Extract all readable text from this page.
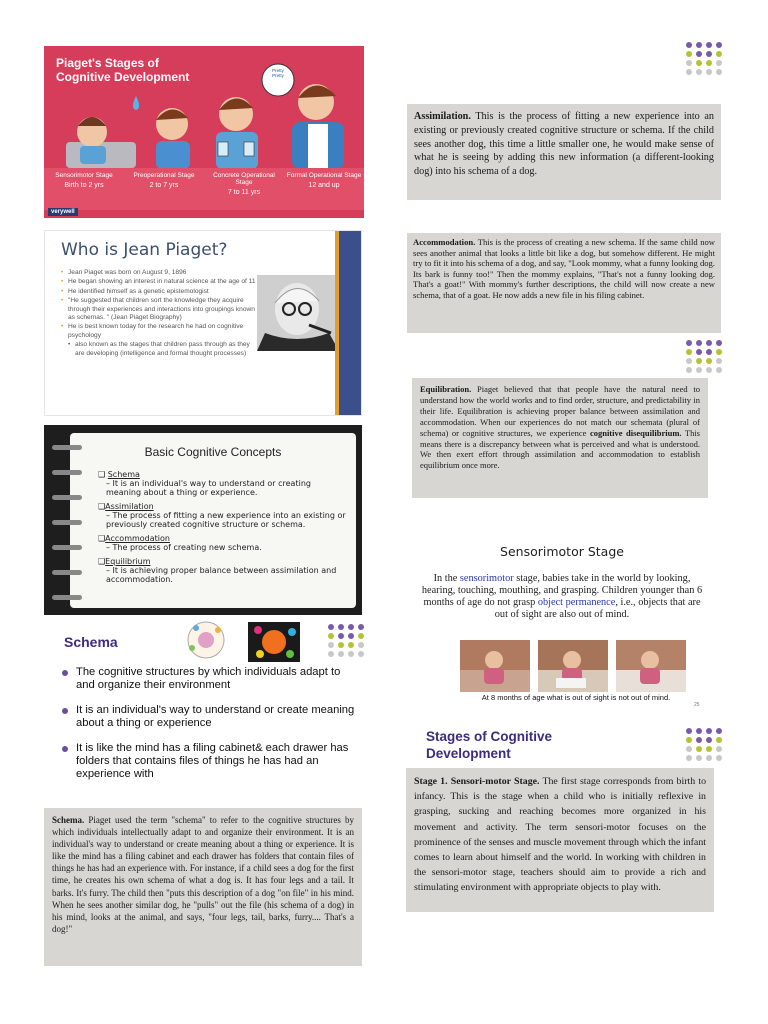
Piaget's Stages of Cognitive Development	Pretty Pretty
Sensorimotor Stage
Birth to 2 yrs
Preoperational Stage
2 to 7 yrs
Concrete Operational Stage
7 to 11 yrs
Formal Operational Stage
12 and up
verywell
Who is Jean Piaget?
• Jean Piaget was born on August 9, 1896
• He began showing an interest in natural science at the age of 11
• He identified himself as a genetic epistemologist
• "He suggested that children sort the knowledge they acquire through their experiences and interactions into groupings known as schemas. " (Jean Piaget Biography)
• He is best known today for the research he had on cognitive psychology
• also known as the stages that children pass through as they are developing (intelligence and formal thought processes)
Basic Cognitive Concepts
❑ Schema
– It is an individual's way to understand or creating meaning about a thing or experience.
❑Assimilation
– The process of fitting a new experience into an existing or previously created cognitive structure or schema.
❑Accommodation
– The process of creating new schema.
❑Equilibrium
– It is achieving proper balance between assimilation and accommodation.
Schema
The cognitive structures by which individuals adapt to and organize their environment
It is an individual's way to understand or create meaning about a thing or experience
It is like the mind has a filing cabinet& each drawer has folders that contains files of things he has had an experience with

Schema. Piaget used the term "schema" to refer to the cognitive structures by which individuals intellectually adapt to and organize their environment. It is an individual's way to understand or create meaning about a thing or experience. It is like the mind has a filing cabinet and each drawer has folders that contain files of things he has had an experience with. For instance, if a child sees a dog for the first time, he creates his own schema of what a dog is. It has four legs and a tail. It barks. It's furry. The child then "puts this description of a dog "on file" in his mind. When he sees another similar dog, he "pulls" out the file (his schema of a dog) in his mind, looks at the animal, and says, "four legs, tail, barks, furry.... That's a dog!"

Assimilation. This is the process of fitting a new experience into an existing or previously created cognitive structure or schema. If the child sees another dog, this time a little smaller one, he would make sense of what he is seeing by adding this new information (a different-looking dog) into his schema of a dog.

Accommodation. This is the process of creating a new schema. If the same child now sees another animal that looks a little bit like a dog, but somehow different. He might try to fit it into his schema of a dog, and say, "Look mommy, what a funny looking dog. Its bark is funny too!" Then the mommy explains, "That's not a funny looking dog. That's a goat!" With mommy's further descriptions, the child will now create a new schema, that of a goat. He now adds a new file in his filing cabinet.

Equilibration. Piaget believed that that people have the natural need to understand how the world works and to find order, structure, and predictability in their life. Equilibration is achieving proper balance between assimilation and accommodation. When our experiences do not match our schemata (plural of schema) or cognitive structures, we experience cognitive disequilibrium. This means there is a discrepancy between what is perceived and what is understood. We then exert effort through assimilation and accommodation to establish equilibrium once more.

Sensorimotor Stage

In the sensorimotor stage, babies take in the world by looking, hearing, touching, mouthing, and grasping. Children younger than 6 months of age do not grasp object permanence, i.e., objects that are out of sight are also out of mind.

At 8 months of age what is out of sight is not out of mind.
25
Stages of Cognitive Development

Stage 1. Sensori-motor Stage. The first stage corresponds from birth to infancy. This is the stage when a child who is initially reflexive in grasping, sucking and reaching becomes more organized in his movement and activity. The term sensori-motor focuses on the prominence of the senses and muscle movement through which the infant comes to learn about himself and the world. In working with children in the sensori-motor stage, teachers should aim to provide a rich and stimulating environment with appropriate objects to play with.
